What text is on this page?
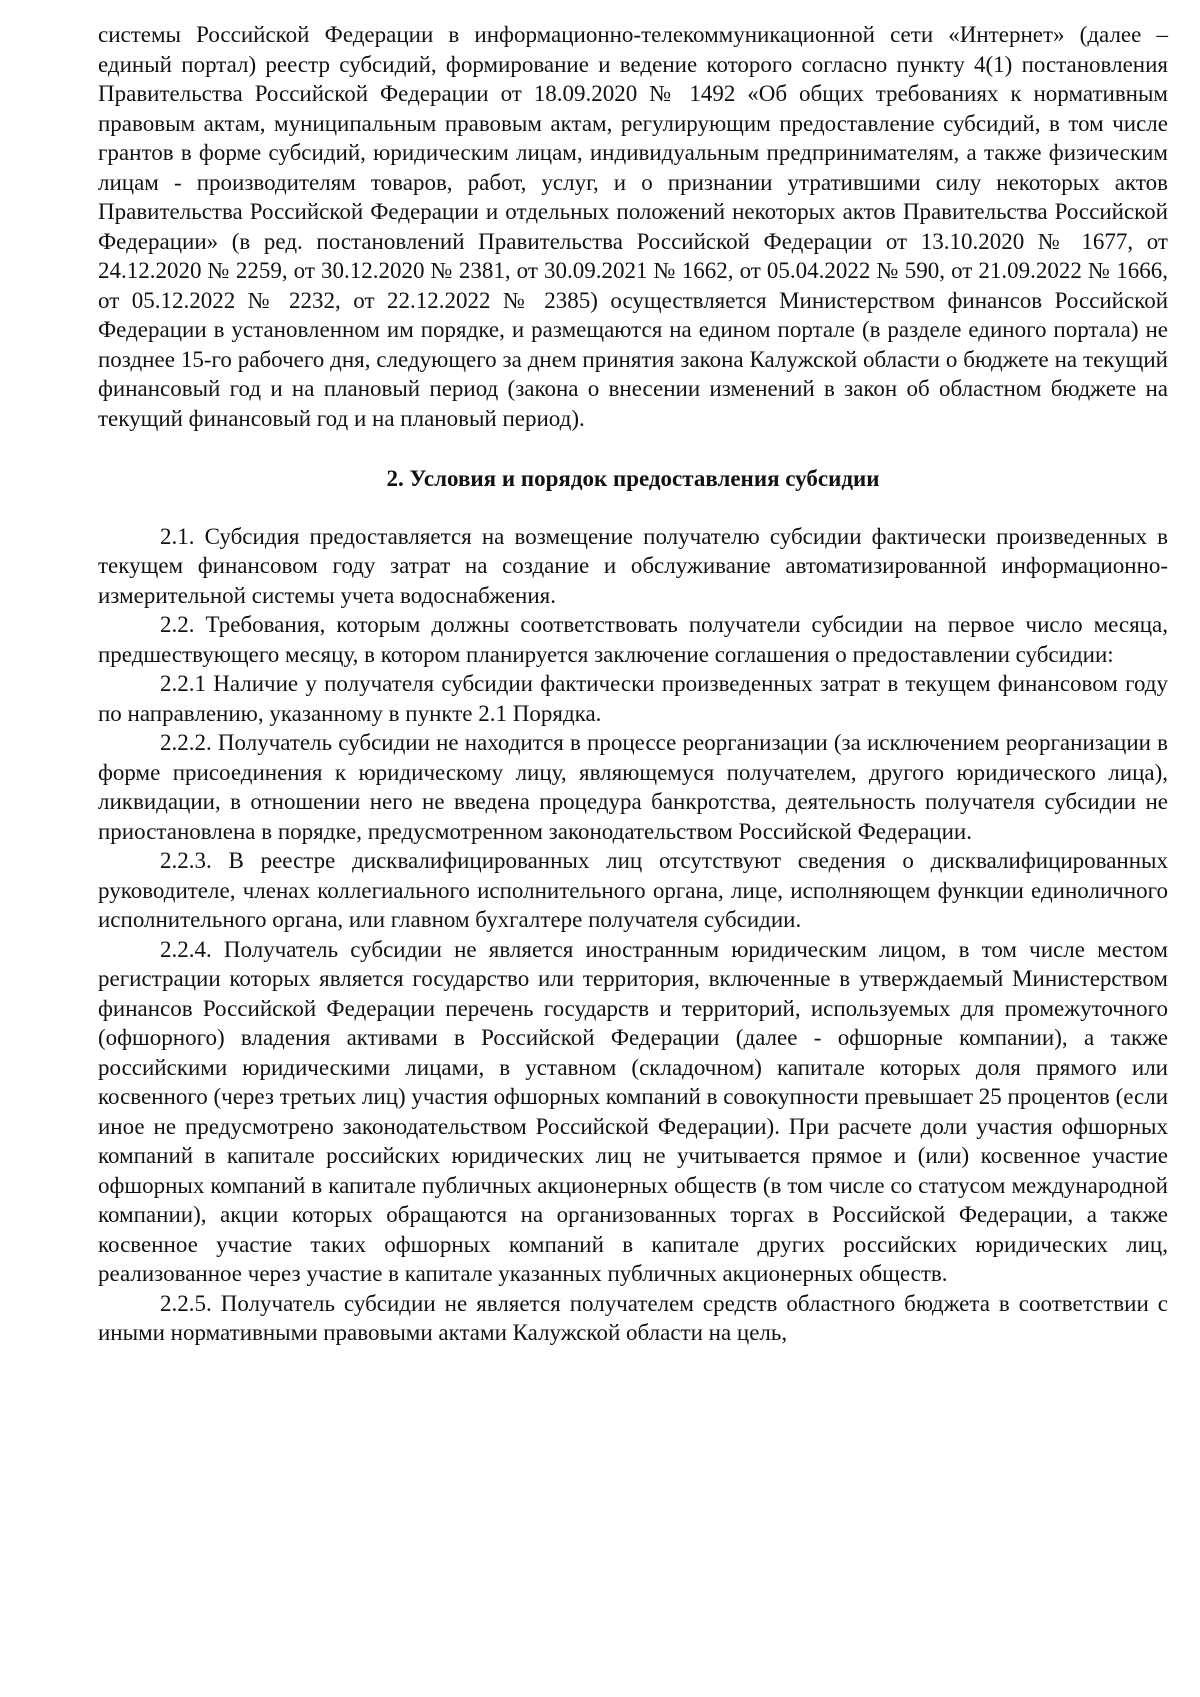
системы Российской Федерации в информационно-телекоммуникационной сети «Интернет» (далее – единый портал) реестр субсидий, формирование и ведение которого согласно пункту 4(1) постановления Правительства Российской Федерации от 18.09.2020 № 1492 «Об общих требованиях к нормативным правовым актам, муниципальным правовым актам, регулирующим предоставление субсидий, в том числе грантов в форме субсидий, юридическим лицам, индивидуальным предпринимателям, а также физическим лицам - производителям товаров, работ, услуг, и о признании утратившими силу некоторых актов Правительства Российской Федерации и отдельных положений некоторых актов Правительства Российской Федерации» (в ред. постановлений Правительства Российской Федерации от 13.10.2020 № 1677, от 24.12.2020 № 2259, от 30.12.2020 № 2381, от 30.09.2021 № 1662, от 05.04.2022 № 590, от 21.09.2022 № 1666, от 05.12.2022 № 2232, от 22.12.2022 № 2385) осуществляется Министерством финансов Российской Федерации в установленном им порядке, и размещаются на едином портале (в разделе единого портала) не позднее 15-го рабочего дня, следующего за днем принятия закона Калужской области о бюджете на текущий финансовый год и на плановый период (закона о внесении изменений в закон об областном бюджете на текущий финансовый год и на плановый период).

2. Условия и порядок предоставления субсидии

2.1. Субсидия предоставляется на возмещение получателю субсидии фактически произведенных в текущем финансовом году затрат на создание и обслуживание автоматизированной информационно-измерительной системы учета водоснабжения.

2.2. Требования, которым должны соответствовать получатели субсидии на первое число месяца, предшествующего месяцу, в котором планируется заключение соглашения о предоставлении субсидии:

2.2.1 Наличие у получателя субсидии фактически произведенных затрат в текущем финансовом году по направлению, указанному в пункте 2.1 Порядка.

2.2.2. Получатель субсидии не находится в процессе реорганизации (за исключением реорганизации в форме присоединения к юридическому лицу, являющемуся получателем, другого юридического лица), ликвидации, в отношении него не введена процедура банкротства, деятельность получателя субсидии не приостановлена в порядке, предусмотренном законодательством Российской Федерации.

2.2.3. В реестре дисквалифицированных лиц отсутствуют сведения о дисквалифицированных руководителе, членах коллегиального исполнительного органа, лице, исполняющем функции единоличного исполнительного органа, или главном бухгалтере получателя субсидии.

2.2.4. Получатель субсидии не является иностранным юридическим лицом, в том числе местом регистрации которых является государство или территория, включенные в утверждаемый Министерством финансов Российской Федерации перечень государств и территорий, используемых для промежуточного (офшорного) владения активами в Российской Федерации (далее - офшорные компании), а также российскими юридическими лицами, в уставном (складочном) капитале которых доля прямого или косвенного (через третьих лиц) участия офшорных компаний в совокупности превышает 25 процентов (если иное не предусмотрено законодательством Российской Федерации). При расчете доли участия офшорных компаний в капитале российских юридических лиц не учитывается прямое и (или) косвенное участие офшорных компаний в капитале публичных акционерных обществ (в том числе со статусом международной компании), акции которых обращаются на организованных торгах в Российской Федерации, а также косвенное участие таких офшорных компаний в капитале других российских юридических лиц, реализованное через участие в капитале указанных публичных акционерных обществ.

2.2.5. Получатель субсидии не является получателем средств областного бюджета в соответствии с иными нормативными правовыми актами Калужской области на цель,
